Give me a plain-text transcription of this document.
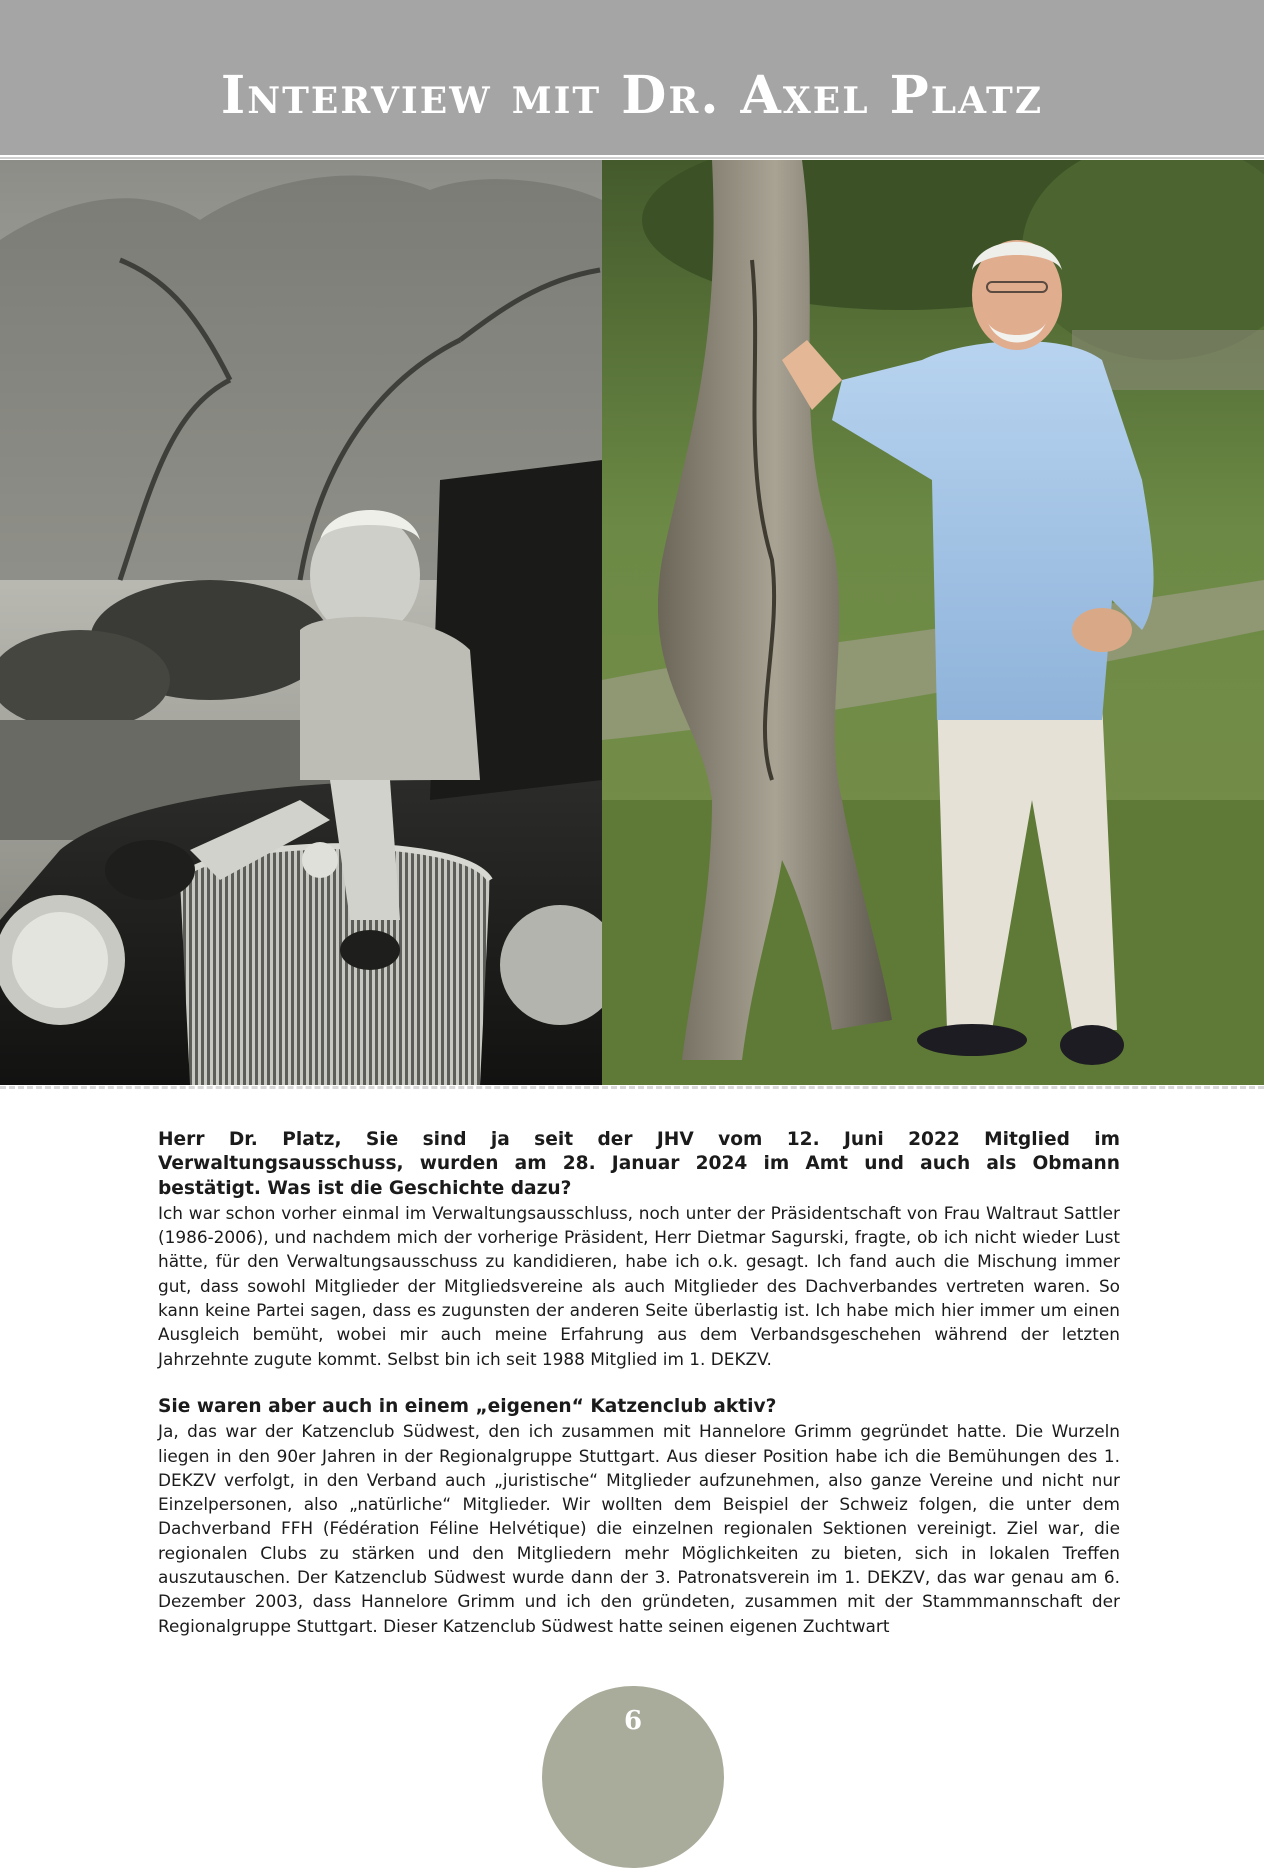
Interview mit Dr. Axel Platz

Herr Dr. Platz, Sie sind ja seit der JHV vom 12. Juni 2022 Mitglied im Verwaltungsausschuss, wurden am 28. Januar 2024 im Amt und auch als Obmann bestätigt. Was ist die Geschichte dazu?

Ich war schon vorher einmal im Verwaltungsausschluss, noch unter der Präsidentschaft von Frau Waltraut Sattler (1986-2006), und nachdem mich der vorherige Präsident, Herr Dietmar Sagurski, fragte, ob ich nicht wieder Lust hätte, für den Verwaltungsausschuss zu kandidieren, habe ich o.k. gesagt. Ich fand auch die Mischung immer gut, dass sowohl Mitglieder der Mitgliedsvereine als auch Mitglieder des Dachverbandes vertreten waren. So kann keine Partei sagen, dass es zugunsten der anderen Seite überlastig ist. Ich habe mich hier immer um einen Ausgleich bemüht, wobei mir auch meine Erfahrung aus dem Verbandsgeschehen während der letzten Jahrzehnte zugute kommt. Selbst bin ich seit 1988 Mitglied im 1. DEKZV.

Sie waren aber auch in einem „eigenen“ Katzenclub aktiv?

Ja, das war der Katzenclub Südwest, den ich zusammen mit Hannelore Grimm gegründet hatte. Die Wurzeln liegen in den 90er Jahren in der Regionalgruppe Stuttgart. Aus dieser Position habe ich die Bemühungen des 1. DEKZV verfolgt, in den Verband auch „juristische“ Mitglieder aufzunehmen, also ganze Vereine und nicht nur Einzelpersonen, also „natürliche“ Mitglieder. Wir wollten dem Beispiel der Schweiz folgen, die unter dem Dachverband FFH (Fédération Féline Helvétique) die einzelnen regionalen Sektionen vereinigt. Ziel war, die regionalen Clubs zu stärken und den Mitgliedern mehr Möglichkeiten zu bieten, sich in lokalen Treffen auszutauschen. Der Katzenclub Südwest wurde dann der 3. Patronatsverein im 1. DEKZV, das war genau am 6. Dezember 2003, dass Hannelore Grimm und ich den gründeten, zusammen mit der Stammmannschaft der Regionalgruppe Stuttgart. Dieser Katzenclub Südwest hatte seinen eigenen Zuchtwart

6
